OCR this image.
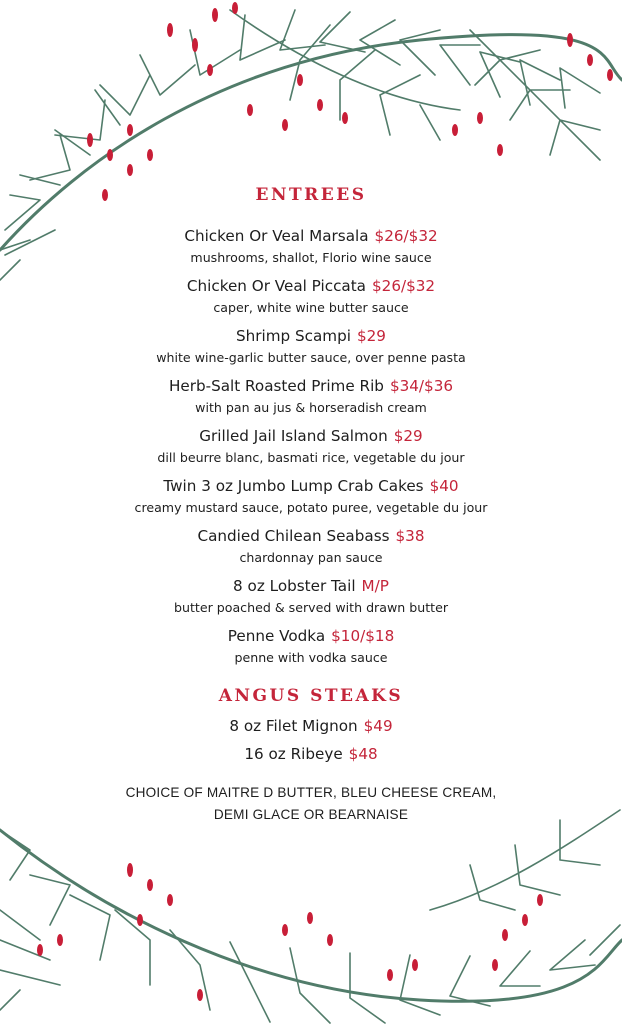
ENTREES
Chicken Or Veal Marsala $26/$32
mushrooms, shallot, Florio wine sauce
Chicken Or Veal Piccata $26/$32
caper, white wine butter sauce
Shrimp Scampi $29
white wine-garlic butter sauce, over penne pasta
Herb-Salt Roasted Prime Rib $34/$36
with pan au jus & horseradish cream
Grilled Jail Island Salmon $29
dill beurre blanc, basmati rice, vegetable du jour
Twin 3 oz Jumbo Lump Crab Cakes $40
creamy mustard sauce, potato puree, vegetable du jour
Candied Chilean Seabass $38
chardonnay pan sauce
8 oz Lobster Tail M/P
butter poached & served with drawn butter
Penne Vodka $10/$18
penne with vodka sauce
ANGUS STEAKS
8 oz Filet Mignon $49
16 oz Ribeye $48
CHOICE OF MAITRE D BUTTER, BLEU CHEESE CREAM,
DEMI GLACE OR BEARNAISE
